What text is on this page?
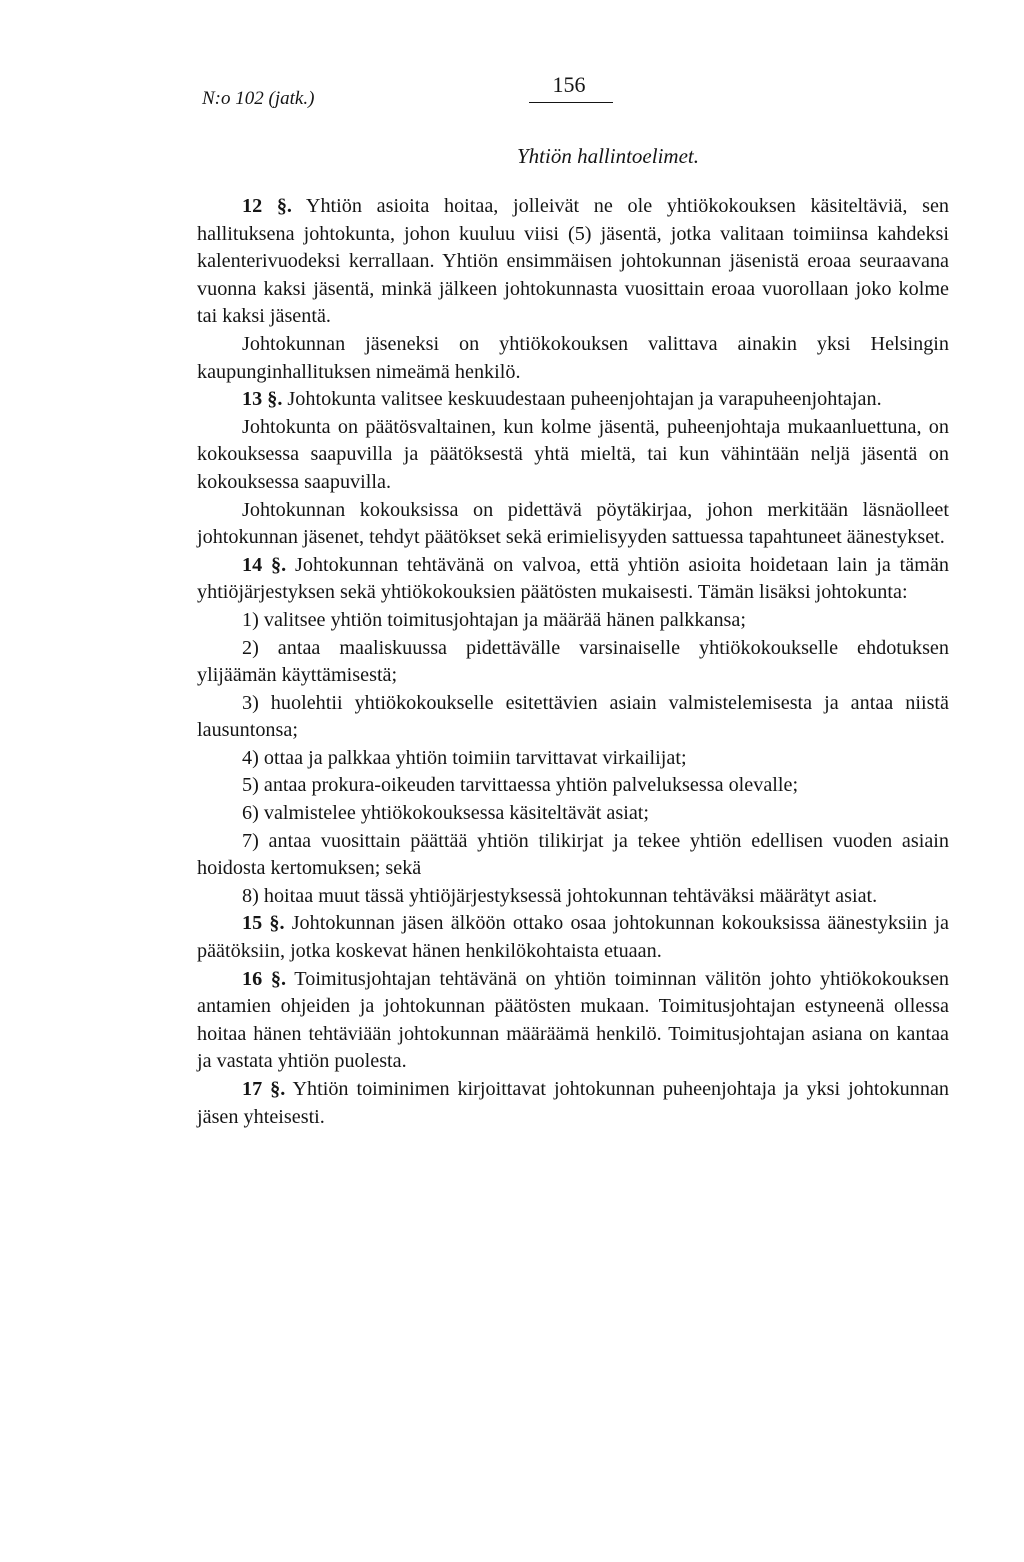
N:o 102 (jatk.)
156
Yhtiön hallintoelimet.

12 §. Yhtiön asioita hoitaa, jolleivät ne ole yhtiökokouksen käsiteltäviä, sen hallituksena johtokunta, johon kuuluu viisi (5) jäsentä, jotka valitaan toimiinsa kahdeksi kalenterivuodeksi kerrallaan. Yhtiön ensimmäisen johtokunnan jäsenistä eroaa seuraavana vuonna kaksi jäsentä, minkä jälkeen johtokunnasta vuosittain eroaa vuorollaan joko kolme tai kaksi jäsentä.

Johtokunnan jäseneksi on yhtiökokouksen valittava ainakin yksi Helsingin kaupunginhallituksen nimeämä henkilö.

13 §. Johtokunta valitsee keskuudestaan puheenjohtajan ja varapuheenjohtajan.

Johtokunta on päätösvaltainen, kun kolme jäsentä, puheenjohtaja mukaanluettuna, on kokouksessa saapuvilla ja päätöksestä yhtä mieltä, tai kun vähintään neljä jäsentä on kokouksessa saapuvilla.

Johtokunnan kokouksissa on pidettävä pöytäkirjaa, johon merkitään läsnäolleet johtokunnan jäsenet, tehdyt päätökset sekä erimielisyyden sattuessa tapahtuneet äänestykset.

14 §. Johtokunnan tehtävänä on valvoa, että yhtiön asioita hoidetaan lain ja tämän yhtiöjärjestyksen sekä yhtiökokouksien päätösten mukaisesti. Tämän lisäksi johtokunta:

1) valitsee yhtiön toimitusjohtajan ja määrää hänen palkkansa;

2) antaa maaliskuussa pidettävälle varsinaiselle yhtiökokoukselle ehdotuksen ylijäämän käyttämisestä;

3) huolehtii yhtiökokoukselle esitettävien asiain valmistelemisesta ja antaa niistä lausuntonsa;

4) ottaa ja palkkaa yhtiön toimiin tarvittavat virkailijat;

5) antaa prokura-oikeuden tarvittaessa yhtiön palveluksessa olevalle;

6) valmistelee yhtiökokouksessa käsiteltävät asiat;

7) antaa vuosittain päättää yhtiön tilikirjat ja tekee yhtiön edellisen vuoden asiain hoidosta kertomuksen; sekä

8) hoitaa muut tässä yhtiöjärjestyksessä johtokunnan tehtäväksi määrätyt asiat.

15 §. Johtokunnan jäsen älköön ottako osaa johtokunnan kokouksissa äänestyksiin ja päätöksiin, jotka koskevat hänen henkilökohtaista etuaan.

16 §. Toimitusjohtajan tehtävänä on yhtiön toiminnan välitön johto yhtiökokouksen antamien ohjeiden ja johtokunnan päätösten mukaan. Toimitusjohtajan estyneenä ollessa hoitaa hänen tehtäviään johtokunnan määräämä henkilö. Toimitusjohtajan asiana on kantaa ja vastata yhtiön puolesta.

17 §. Yhtiön toiminimen kirjoittavat johtokunnan puheenjohtaja ja yksi johtokunnan jäsen yhteisesti.
